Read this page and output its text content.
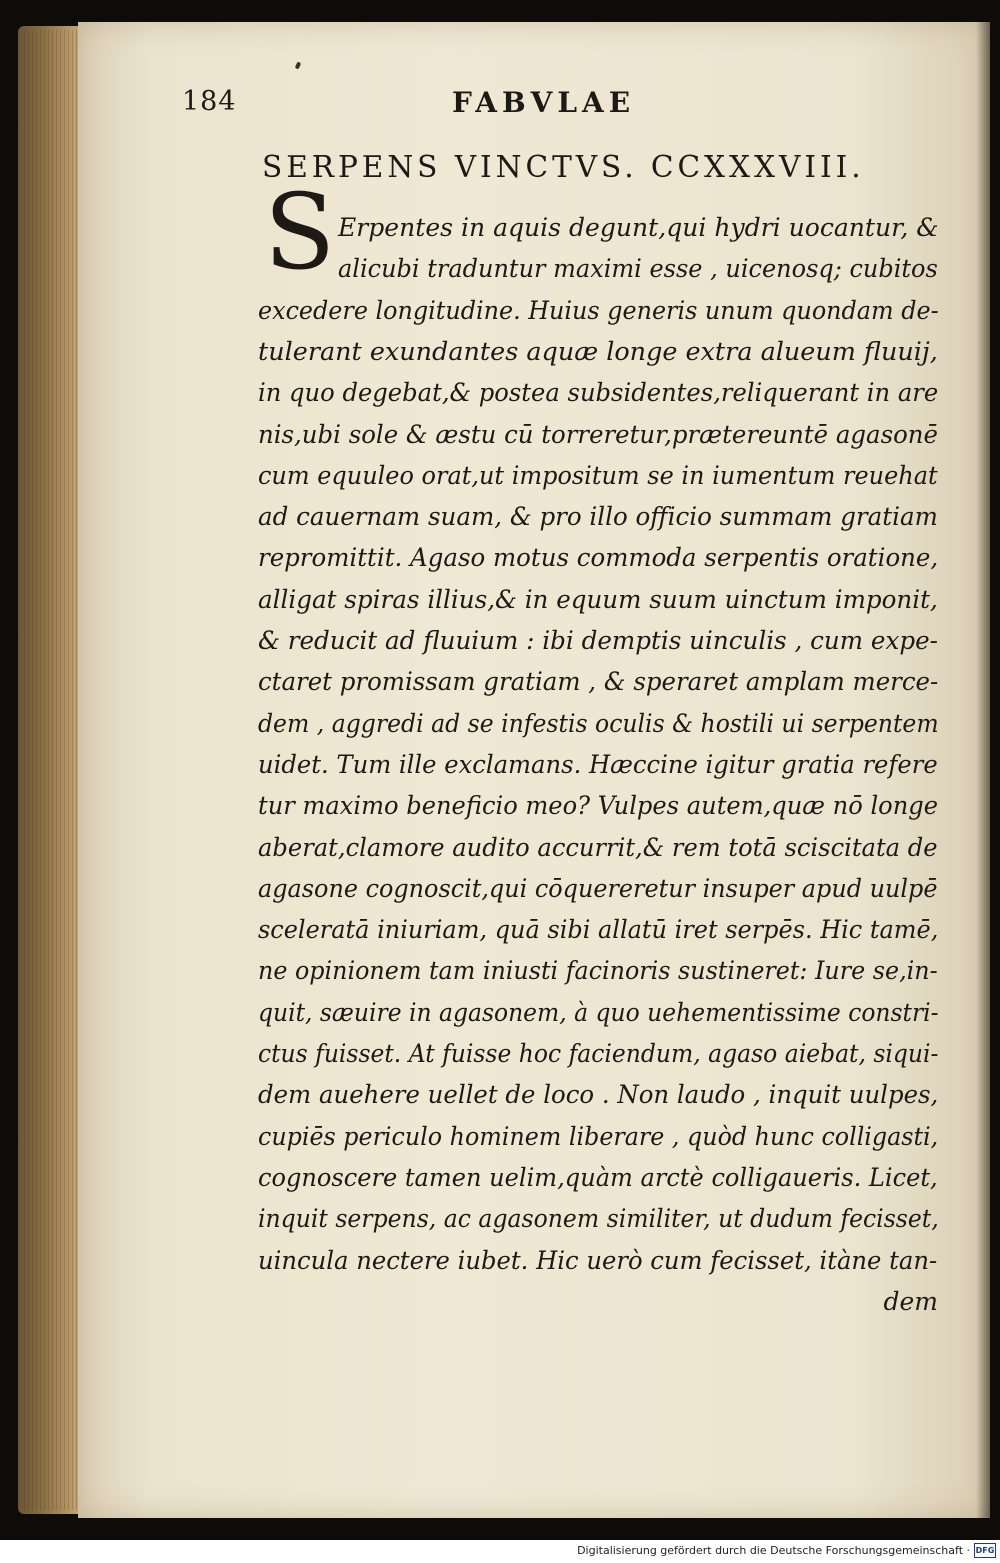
184	FABVLAE
SERPENS VINCTVS. CCXXXVIII.
S Erpentes in aquis degunt,qui hydri uocantur, &
alicubi traduntur maximi esse , uicenosq; cubitos
excedere longitudine. Huius generis unum quondam de-
tulerant exundantes aquæ longe extra alueum fluuij,
in quo degebat,& postea subsidentes,reliquerant in are
nis,ubi sole & æstu cū torreretur,prætereuntē agasonē
cum equuleo orat,ut impositum se in iumentum reuehat
ad cauernam suam, & pro illo officio summam gratiam
repromittit. Agaso motus commoda serpentis oratione,
alligat spiras illius,& in equum suum uinctum imponit,
& reducit ad fluuium : ibi demptis uinculis , cum expe-
ctaret promissam gratiam , & speraret amplam merce-
dem , aggredi ad se infestis oculis & hostili ui serpentem
uidet. Tum ille exclamans. Hæccine igitur gratia refere
tur maximo beneficio meo? Vulpes autem,quæ nō longe
aberat,clamore audito accurrit,& rem totā sciscitata de
agasone cognoscit,qui cōquereretur insuper apud uulpē
sceleratā iniuriam, quā sibi allatū iret serpēs. Hic tamē,
ne opinionem tam iniusti facinoris sustineret: Iure se,in-
quit, sæuire in agasonem, à quo uehementissime constri-
ctus fuisset. At fuisse hoc faciendum, agaso aiebat, siqui-
dem auehere uellet de loco . Non laudo , inquit uulpes,
cupiēs periculo hominem liberare , quòd hunc colligasti,
cognoscere tamen uelim,quàm arctè colligaueris. Licet,
inquit serpens, ac agasonem similiter, ut dudum fecisset,
uincula nectere iubet. Hic uerò cum fecisset, itàne tan-
dem
Digitalisierung gefördert durch die Deutsche Forschungsgemeinschaft · DFG
